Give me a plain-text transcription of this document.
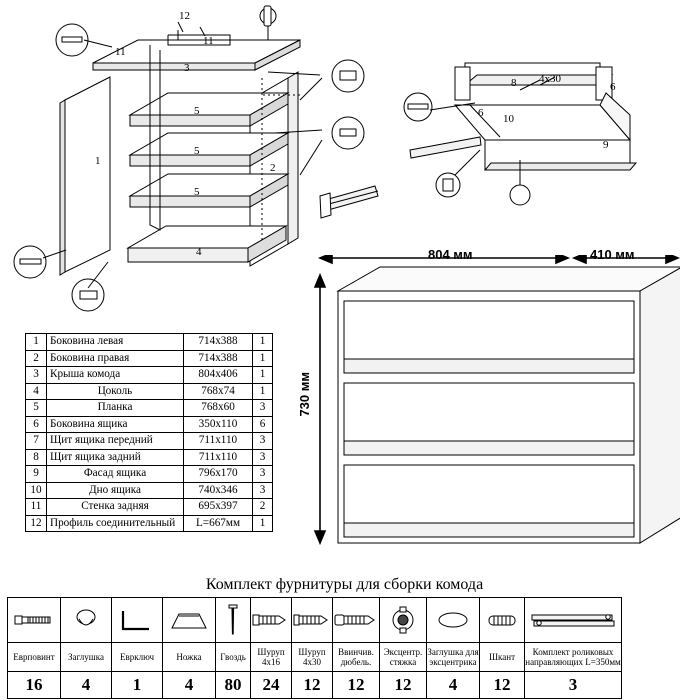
12
11
11
3
5
5
5
1
2
4
8
6
6
10
9
4х30
1	Боковина левая	714х388	1
2	Боковина правая	714х388	1
3	Крыша комода	804х406	1
4	Цоколь	768х74	1
5	Планка	768х60	3
6	Боковина ящика	350х110	6
7	Щит ящика передний	711х110	3
8	Щит ящика задний	711х110	3
9	Фасад ящика	796х170	3
10	Дно ящика	740х346	3
11	Стенка задняя	695х397	2
12	Профиль соединительный	L=667мм	1
804 мм	410 мм
730 мм
Комплект фурнитуры для сборки комода

Еврповинт	Заглушка	Еврключ	Ножка	Гвоздь	Шуруп 4х16	Шуруп 4х30	Ввинчив. дюбель.	Эксцентр. стяжка	Заглушка для эксцентрика	Шкант	Комплект роликовых направляющих L=350мм
16	4	1	4	80	24	12	12	12	4	12	3
